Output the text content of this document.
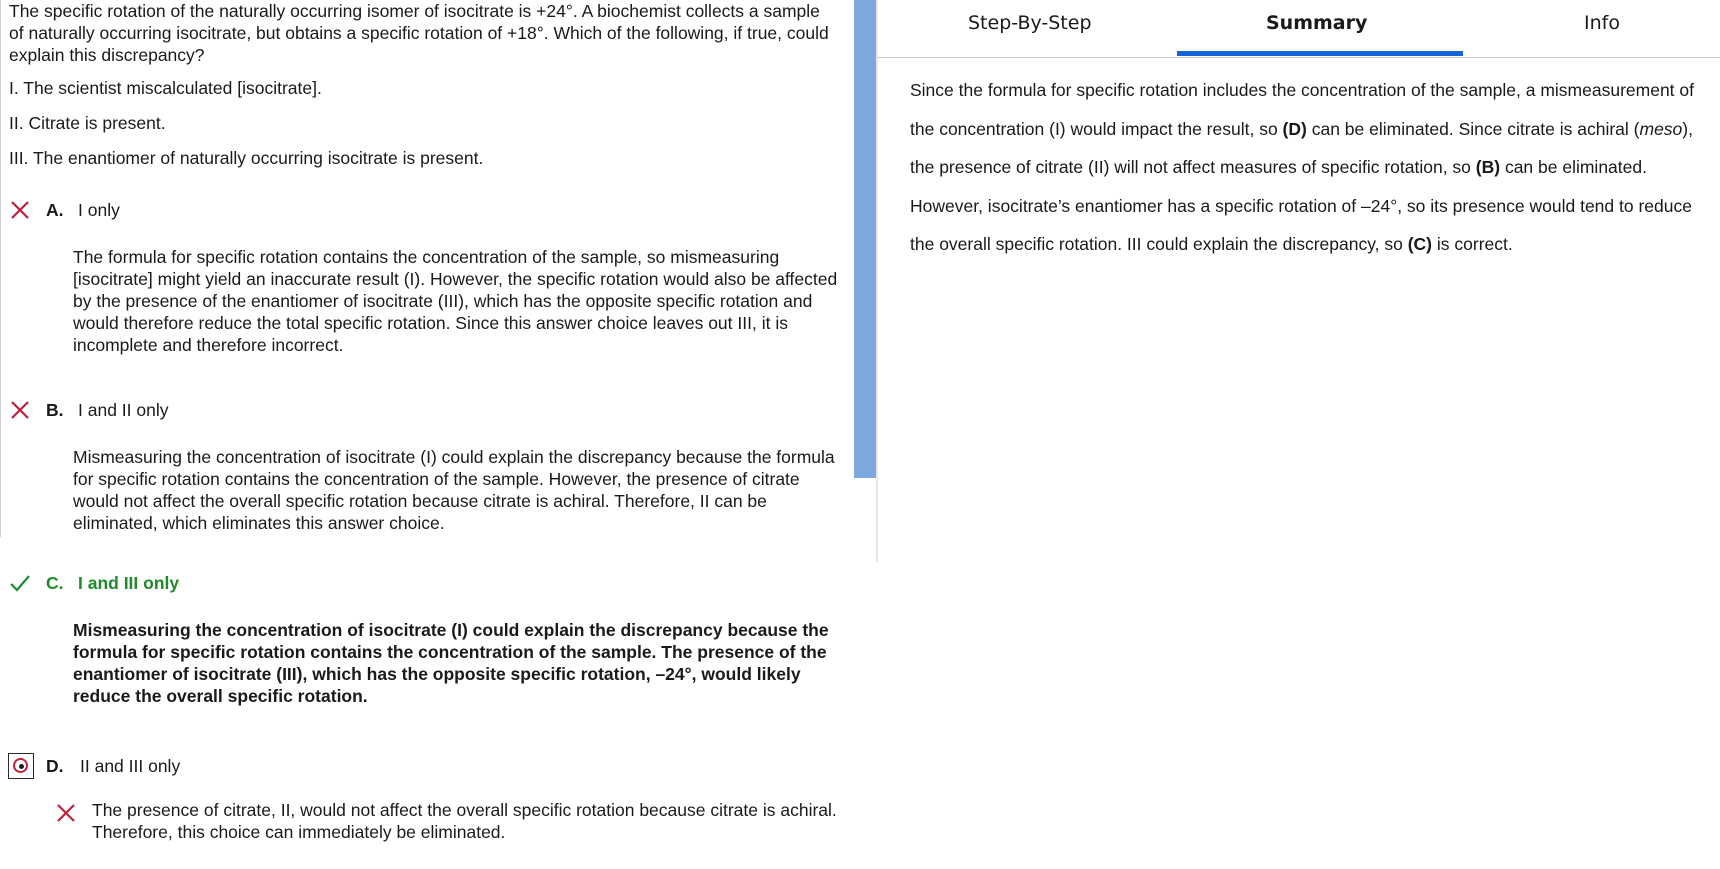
The specific rotation of the naturally occurring isomer of isocitrate is +24°. A biochemist collects a sample of naturally occurring isocitrate, but obtains a specific rotation of +18°. Which of the following, if true, could explain this discrepancy?
I. The scientist miscalculated [isocitrate].
II. Citrate is present.
III. The enantiomer of naturally occurring isocitrate is present.
A. I only
The formula for specific rotation contains the concentration of the sample, so mismeasuring [isocitrate] might yield an inaccurate result (I). However, the specific rotation would also be affected by the presence of the enantiomer of isocitrate (III), which has the opposite specific rotation and would therefore reduce the total specific rotation. Since this answer choice leaves out III, it is incomplete and therefore incorrect.
B. I and II only
Mismeasuring the concentration of isocitrate (I) could explain the discrepancy because the formula for specific rotation contains the concentration of the sample. However, the presence of citrate would not affect the overall specific rotation because citrate is achiral. Therefore, II can be eliminated, which eliminates this answer choice.
C. I and III only
Mismeasuring the concentration of isocitrate (I) could explain the discrepancy because the formula for specific rotation contains the concentration of the sample. The presence of the enantiomer of isocitrate (III), which has the opposite specific rotation, –24°, would likely reduce the overall specific rotation.
D. II and III only
The presence of citrate, II, would not affect the overall specific rotation because citrate is achiral. Therefore, this choice can immediately be eliminated.
Step-By-Step	Summary	Info
Since the formula for specific rotation includes the concentration of the sample, a mismeasurement of the concentration (I) would impact the result, so (D) can be eliminated. Since citrate is achiral (meso), the presence of citrate (II) will not affect measures of specific rotation, so (B) can be eliminated. However, isocitrate’s enantiomer has a specific rotation of –24°, so its presence would tend to reduce the overall specific rotation. III could explain the discrepancy, so (C) is correct.
